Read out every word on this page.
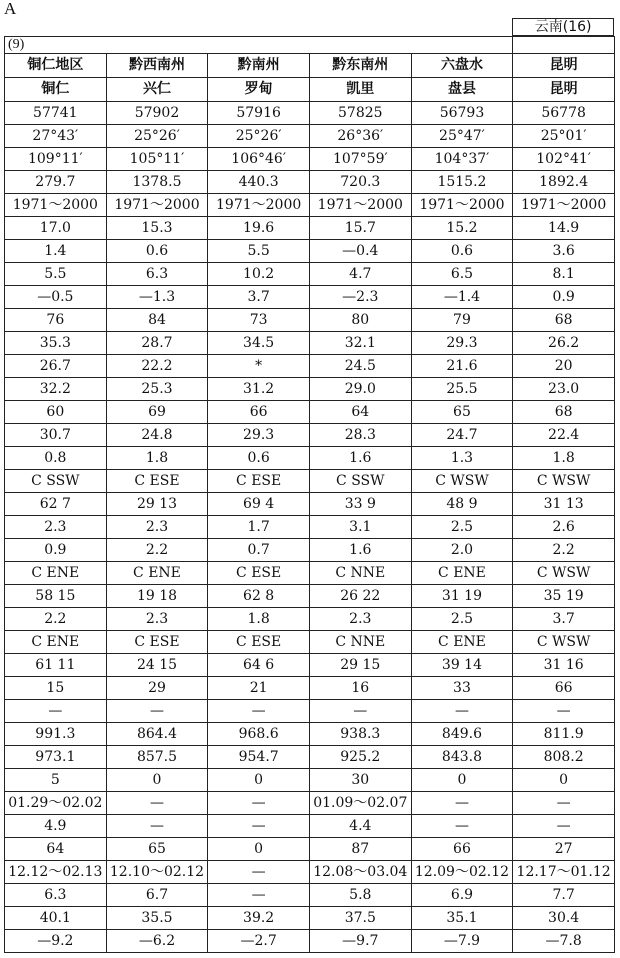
A
	云南(16)
(9)					
铜仁地区	黔西南州	黔南州	黔东南州	六盘水	昆明
铜仁	兴仁	罗甸	凯里	盘县	昆明
57741	57902	57916	57825	56793	56778
27°43′	25°26′	25°26′	26°36′	25°47′	25°01′
109°11′	105°11′	106°46′	107°59′	104°37′	102°41′
279.7	1378.5	440.3	720.3	1515.2	1892.4
1971～2000	1971～2000	1971～2000	1971～2000	1971～2000	1971～2000
17.0	15.3	19.6	15.7	15.2	14.9
1.4	0.6	5.5	—0.4	0.6	3.6
5.5	6.3	10.2	4.7	6.5	8.1
—0.5	—1.3	3.7	—2.3	—1.4	0.9
76	84	73	80	79	68
35.3	28.7	34.5	32.1	29.3	26.2
26.7	22.2	*	24.5	21.6	20
32.2	25.3	31.2	29.0	25.5	23.0
60	69	66	64	65	68
30.7	24.8	29.3	28.3	24.7	22.4
0.8	1.8	0.6	1.6	1.3	1.8
C SSW	C ESE	C ESE	C SSW	C WSW	C WSW
62 7	29 13	69 4	33 9	48 9	31 13
2.3	2.3	1.7	3.1	2.5	2.6
0.9	2.2	0.7	1.6	2.0	2.2
C ENE	C ENE	C ESE	C NNE	C ENE	C WSW
58 15	19 18	62 8	26 22	31 19	35 19
2.2	2.3	1.8	2.3	2.5	3.7
C ENE	C ESE	C ESE	C NNE	C ENE	C WSW
61 11	24 15	64 6	29 15	39 14	31 16
15	29	21	16	33	66
—	—	—	—	—	—
991.3	864.4	968.6	938.3	849.6	811.9
973.1	857.5	954.7	925.2	843.8	808.2
5	0	0	30	0	0
01.29～02.02	—	—	01.09～02.07	—	—
4.9	—	—	4.4	—	—
64	65	0	87	66	27
12.12～02.13	12.10～02.12	—	12.08～03.04	12.09～02.12	12.17～01.12
6.3	6.7	—	5.8	6.9	7.7
40.1	35.5	39.2	37.5	35.1	30.4
—9.2	—6.2	—2.7	—9.7	—7.9	—7.8
